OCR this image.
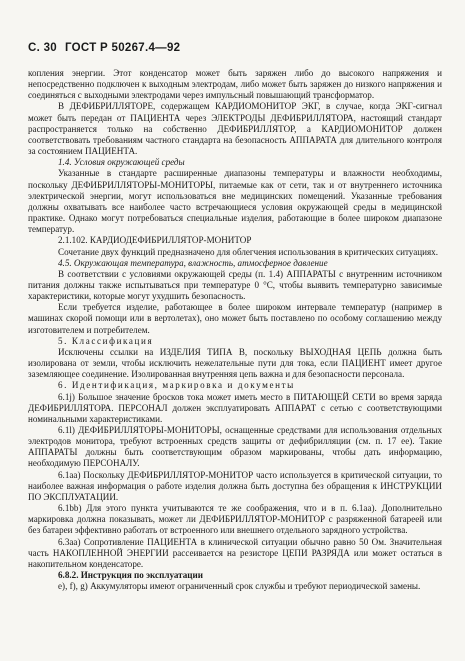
С. 30 ГОСТ Р 50267.4—92

копления энергии. Этот конденсатор может быть заряжен либо до высокого напряжения и непосредственно подключен к выходным электродам, либо может быть заряжен до низкого напряжения и соединяться с выходными электродами через импульсный повышающий трансформатор.

В ДЕФИБРИЛЛЯТОРЕ, содержащем КАРДИОМОНИТОР ЭКГ, в случае, когда ЭКГ-сигнал может быть передан от ПАЦИЕНТА через ЭЛЕКТРОДЫ ДЕФИБРИЛЛЯТОРА, настоящий стандарт распространяется только на собственно ДЕФИБРИЛЛЯТОР, а КАРДИОМОНИТОР должен соответствовать требованиям частного стандарта на безопасность АППАРАТА для длительного контроля за состоянием ПАЦИЕНТА.

1.4. Условия окружающей среды

Указанные в стандарте расширенные диапазоны температуры и влажности необходимы, поскольку ДЕФИБРИЛЛЯТОРЫ-МОНИТОРЫ, питаемые как от сети, так и от внутреннего источника электрической энергии, могут использоваться вне медицинских помещений. Указанные требования должны охватывать все наиболее часто встречающиеся условия окружающей среды в медицинской практике. Однако могут потребоваться специальные изделия, работающие в более широком диапазоне температур.

2.1.102. КАРДИОДЕФИБРИЛЛЯТОР-МОНИТОР

Сочетание двух функций предназначено для облегчения использования в критических ситуациях.

4.5. Окружающая температура, влажность, атмосферное давление

В соответствии с условиями окружающей среды (п. 1.4) АППАРАТЫ с внутренним источником питания должны также испытываться при температуре 0 °С, чтобы выявить температурно зависимые характеристики, которые могут ухудшить безопасность.

Если требуется изделие, работающее в более широком интервале температур (например в машинах скорой помощи или в вертолетах), оно может быть поставлено по особому соглашению между изготовителем и потребителем.

5. Классификация

Исключены ссылки на ИЗДЕЛИЯ ТИПА В, поскольку ВЫХОДНАЯ ЦЕПЬ должна быть изолирована от земли, чтобы исключить нежелательные пути для тока, если ПАЦИЕНТ имеет другое заземляющее соединение. Изолированная внутренняя цепь важна и для безопасности персонала.

6. Идентификация, маркировка и документы

6.1j) Большое значение бросков тока может иметь место в ПИТАЮЩЕЙ СЕТИ во время заряда ДЕФИБРИЛЛЯТОРА. ПЕРСОНАЛ должен эксплуатировать АППАРАТ с сетью с соответствующими номинальными характеристиками.

6.1l) ДЕФИБРИЛЛЯТОРЫ-МОНИТОРЫ, оснащенные средствами для использования отдельных электродов монитора, требуют встроенных средств защиты от дефибрилляции (см. п. 17 ee). Такие АППАРАТЫ должны быть соответствующим образом маркированы, чтобы дать информацию, необходимую ПЕРСОНАЛУ.

6.1aa) Поскольку ДЕФИБРИЛЛЯТОР-МОНИТОР часто используется в критической ситуации, то наиболее важная информация о работе изделия должна быть доступна без обращения к ИНСТРУКЦИИ ПО ЭКСПЛУАТАЦИИ.

6.1bb) Для этого пункта учитываются те же соображения, что и в п. 6.1aa). Дополнительно маркировка должна показывать, может ли ДЕФИБРИЛЛЯТОР-МОНИТОР с разряженной батареей или без батареи эффективно работать от встроенного или внешнего отдельного зарядного устройства.

6.3aa) Сопротивление ПАЦИЕНТА в клинической ситуации обычно равно 50 Ом. Значительная часть НАКОПЛЕННОЙ ЭНЕРГИИ рассеивается на резисторе ЦЕПИ РАЗРЯДА или может остаться в накопительном конденсаторе.

6.8.2. Инструкция по эксплуатации

е), f), g) Аккумуляторы имеют ограниченный срок службы и требуют периодической замены.
